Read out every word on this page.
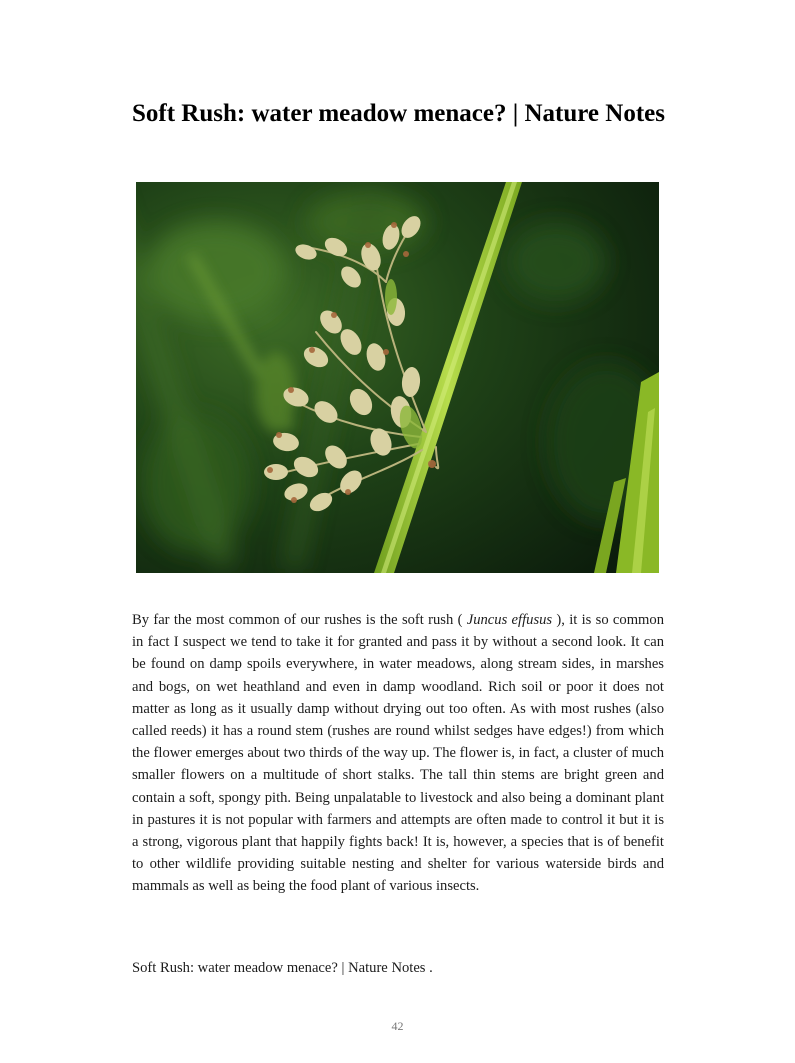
Soft Rush: water meadow menace? | Nature Notes

By far the most common of our rushes is the soft rush ( Juncus effusus ), it is so common in fact I suspect we tend to take it for granted and pass it by without a second look. It can be found on damp spoils everywhere, in water meadows, along stream sides, in marshes and bogs, on wet heathland and even in damp woodland. Rich soil or poor it does not matter as long as it usually damp without drying out too often. As with most rushes (also called reeds) it has a round stem (rushes are round whilst sedges have edges!) from which the flower emerges about two thirds of the way up. The flower is, in fact, a cluster of much smaller flowers on a multitude of short stalks. The tall thin stems are bright green and contain a soft, spongy pith. Being unpalatable to livestock and also being a dominant plant in pastures it is not popular with farmers and attempts are often made to control it but it is a strong, vigorous plant that happily fights back! It is, however, a species that is of benefit to other wildlife providing suitable nesting and shelter for various waterside birds and mammals as well as being the food plant of various insects.

Soft Rush: water meadow menace? | Nature Notes .

42
